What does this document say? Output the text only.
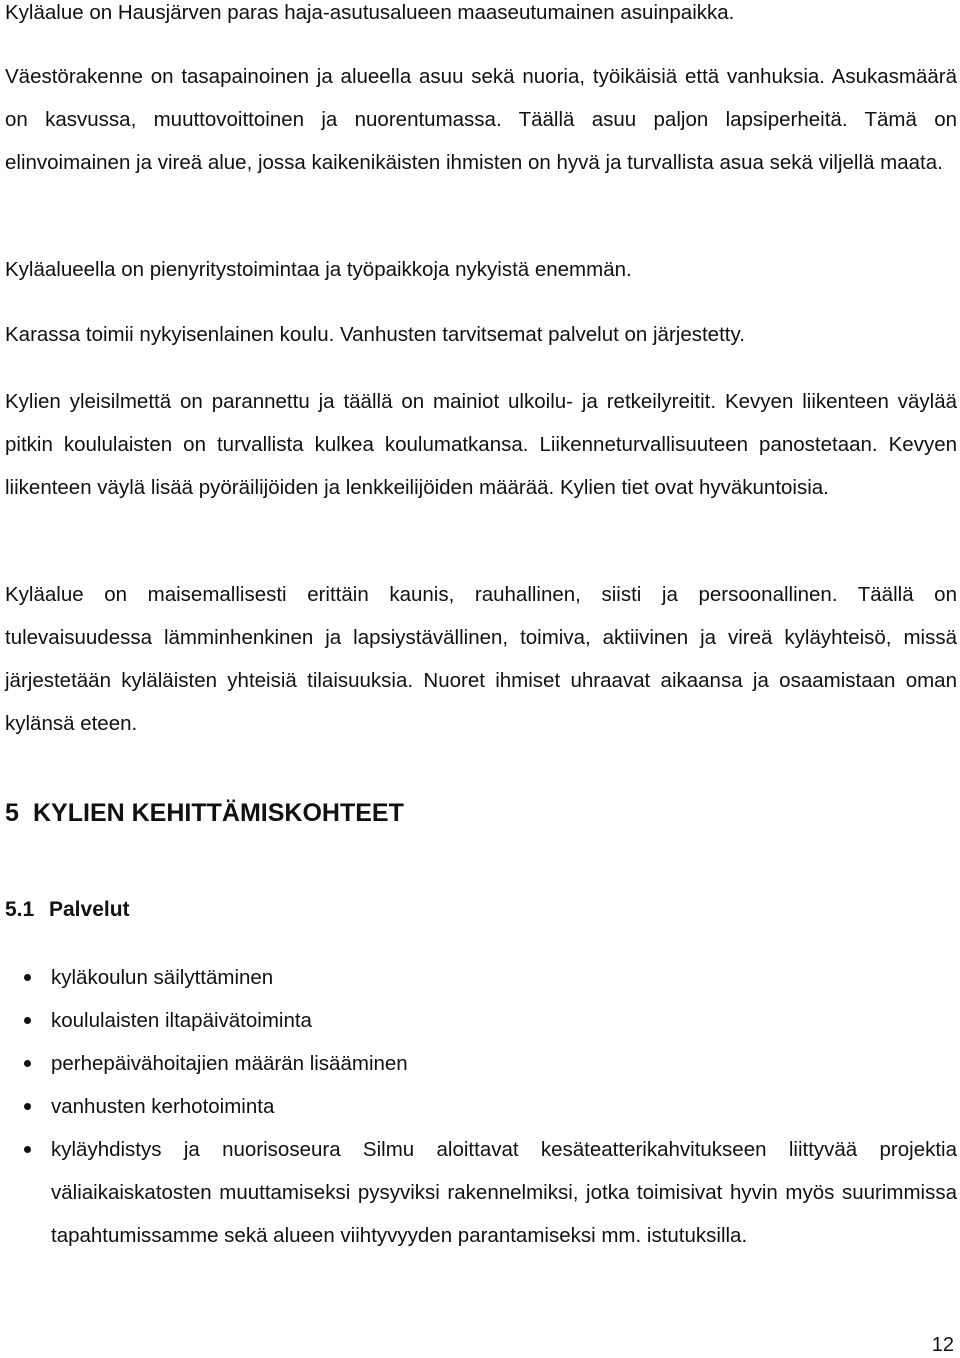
Kyläalue on Hausjärven paras haja-asutusalueen maaseutumainen asuinpaikka.

Väestörakenne on tasapainoinen ja alueella asuu sekä nuoria, työikäisiä että vanhuksia. Asukasmäärä on kasvussa, muuttovoittoinen ja nuorentumassa. Täällä asuu paljon lapsiperheitä. Tämä on elinvoimainen ja vireä alue, jossa kaikenikäisten ihmisten on hyvä ja turvallista asua sekä viljellä maata.

Kyläalueella on pienyritystoimintaa ja työpaikkoja nykyistä enemmän.

Karassa toimii nykyisenlainen koulu. Vanhusten tarvitsemat palvelut on järjestetty.

Kylien yleisilmettä on parannettu ja täällä on mainiot ulkoilu- ja retkeilyreitit. Kevyen liikenteen väylää pitkin koululaisten on turvallista kulkea koulumatkansa. Liikenneturvallisuuteen panostetaan. Kevyen liikenteen väylä lisää pyöräilijöiden ja lenkkeilijöiden määrää. Kylien tiet ovat hyväkuntoisia.

Kyläalue on maisemallisesti erittäin kaunis, rauhallinen, siisti ja persoonallinen. Täällä on tulevaisuudessa lämminhenkinen ja lapsiystävällinen, toimiva, aktiivinen ja vireä kyläyhteisö, missä järjestetään kyläläisten yhteisiä tilaisuuksia. Nuoret ihmiset uhraavat aikaansa ja osaamistaan oman kylänsä eteen.

5 KYLIEN KEHITTÄMISKOHTEET
5.1 Palvelut
kyläkoulun säilyttäminen
koululaisten iltapäivätoiminta
perhepäivähoitajien määrän lisääminen
vanhusten kerhotoiminta
kyläyhdistys ja nuorisoseura Silmu aloittavat kesäteatterikahvitukseen liittyvää projektia väliaikaiskatosten muuttamiseksi pysyviksi rakennelmiksi, jotka toimisivat hyvin myös suurimmissa tapahtumissamme sekä alueen viihtyvyyden parantamiseksi mm. istutuksilla.
12
